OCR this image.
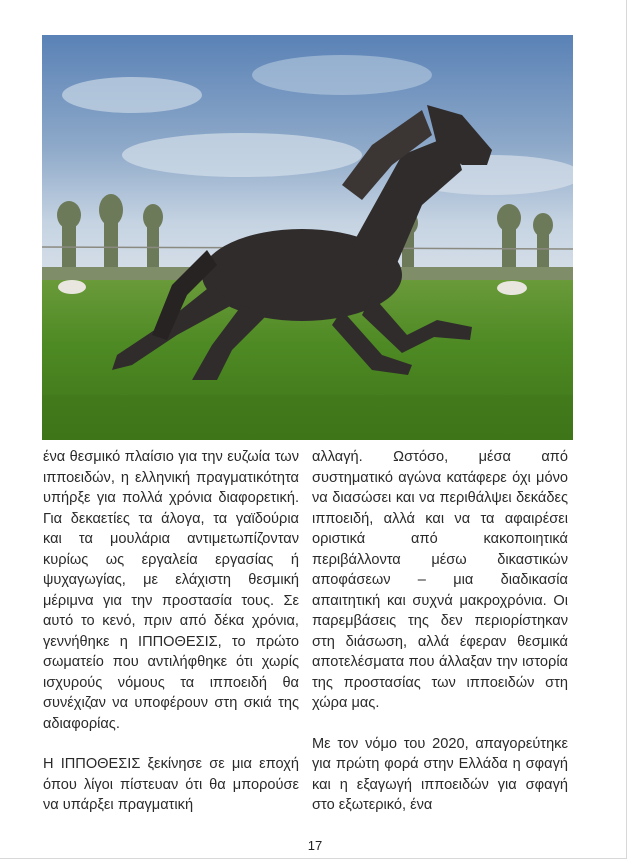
ένα θεσμικό πλαίσιο για την ευζωία των ιπποειδών, η ελληνική πραγματικότητα υπήρξε για πολλά χρόνια διαφορετική. Για δεκαετίες τα άλογα, τα γαϊδούρια και τα μουλάρια αντιμετωπίζονταν κυρίως ως εργαλεία εργασίας ή ψυχαγωγίας, με ελάχιστη θεσμική μέριμνα για την προστασία τους. Σε αυτό το κενό, πριν από δέκα χρόνια, γεννήθηκε η ΙΠΠΟΘΕΣΙΣ, το πρώτο σωματείο που αντιλήφθηκε ότι χωρίς ισχυρούς νόμους τα ιπποειδή θα συνέχιζαν να υποφέρουν στη σκιά της αδιαφορίας.

Η ΙΠΠΟΘΕΣΙΣ ξεκίνησε σε μια εποχή όπου λίγοι πίστευαν ότι θα μπορούσε να υπάρξει πραγματική

αλλαγή. Ωστόσο, μέσα από συστηματικό αγώνα κατάφερε όχι μόνο να διασώσει και να περιθάλψει δεκάδες ιπποειδή, αλλά και να τα αφαιρέσει οριστικά από κακοποιητικά περιβάλλοντα μέσω δικαστικών αποφάσεων – μια διαδικασία απαιτητική και συχνά μακροχρόνια. Οι παρεμβάσεις της δεν περιορίστηκαν στη διάσωση, αλλά έφεραν θεσμικά αποτελέσματα που άλλαξαν την ιστορία της προστασίας των ιπποειδών στη χώρα μας.

Με τον νόμο του 2020, απαγορεύτηκε για πρώτη φορά στην Ελλάδα η σφαγή και η εξαγωγή ιπποειδών για σφαγή στο εξωτερικό, ένα

17
